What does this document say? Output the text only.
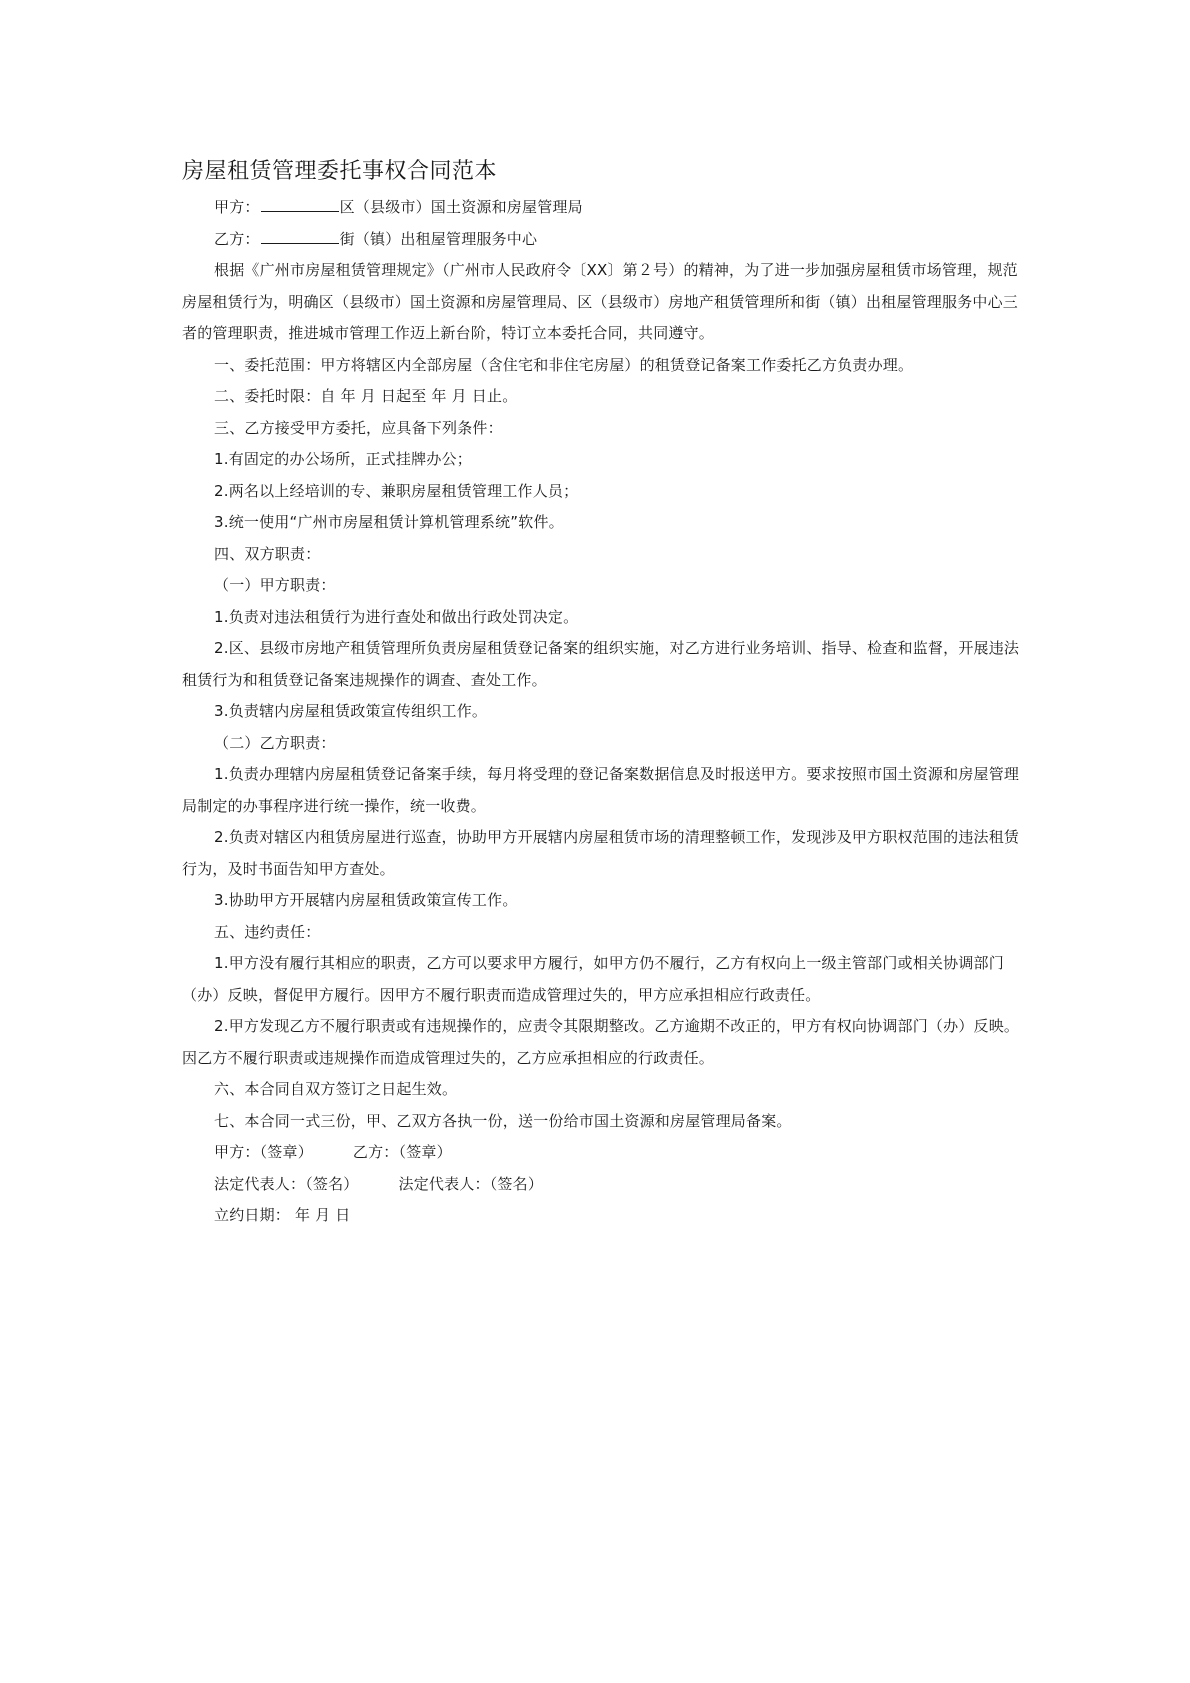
房屋租赁管理委托事权合同范本

甲方：	区（县级市）国土资源和房屋管理局

乙方：	街（镇）出租屋管理服务中心

根据《广州市房屋租赁管理规定》（广州市人民政府令〔XX〕第２号）的精神，为了进一步加强房屋租赁市场管理，规范房屋租赁行为，明确区（县级市）国土资源和房屋管理局、区（县级市）房地产租赁管理所和街（镇）出租屋管理服务中心三者的管理职责，推进城市管理工作迈上新台阶，特订立本委托合同，共同遵守。

一、委托范围：甲方将辖区内全部房屋（含住宅和非住宅房屋）的租赁登记备案工作委托乙方负责办理。

二、委托时限：自 年 月 日起至 年 月 日止。

三、乙方接受甲方委托，应具备下列条件：

1.有固定的办公场所，正式挂牌办公；

2.两名以上经培训的专、兼职房屋租赁管理工作人员；

3.统一使用“广州市房屋租赁计算机管理系统”软件。

四、双方职责：

（一）甲方职责：

1.负责对违法租赁行为进行查处和做出行政处罚决定。

2.区、县级市房地产租赁管理所负责房屋租赁登记备案的组织实施，对乙方进行业务培训、指导、检查和监督，开展违法租赁行为和租赁登记备案违规操作的调查、查处工作。

3.负责辖内房屋租赁政策宣传组织工作。

（二）乙方职责：

1.负责办理辖内房屋租赁登记备案手续，每月将受理的登记备案数据信息及时报送甲方。要求按照市国土资源和房屋管理局制定的办事程序进行统一操作，统一收费。

2.负责对辖区内租赁房屋进行巡查，协助甲方开展辖内房屋租赁市场的清理整顿工作，发现涉及甲方职权范围的违法租赁行为，及时书面告知甲方查处。

3.协助甲方开展辖内房屋租赁政策宣传工作。

五、违约责任：

1.甲方没有履行其相应的职责，乙方可以要求甲方履行，如甲方仍不履行，乙方有权向上一级主管部门或相关协调部门（办）反映，督促甲方履行。因甲方不履行职责而造成管理过失的，甲方应承担相应行政责任。

2.甲方发现乙方不履行职责或有违规操作的，应责令其限期整改。乙方逾期不改正的，甲方有权向协调部门（办）反映。因乙方不履行职责或违规操作而造成管理过失的，乙方应承担相应的行政责任。

六、本合同自双方签订之日起生效。

七、本合同一式三份，甲、乙双方各执一份，送一份给市国土资源和房屋管理局备案。

甲方：（签章）	乙方：（签章）

法定代表人：（签名）	法定代表人：（签名）

立约日期： 年 月 日
